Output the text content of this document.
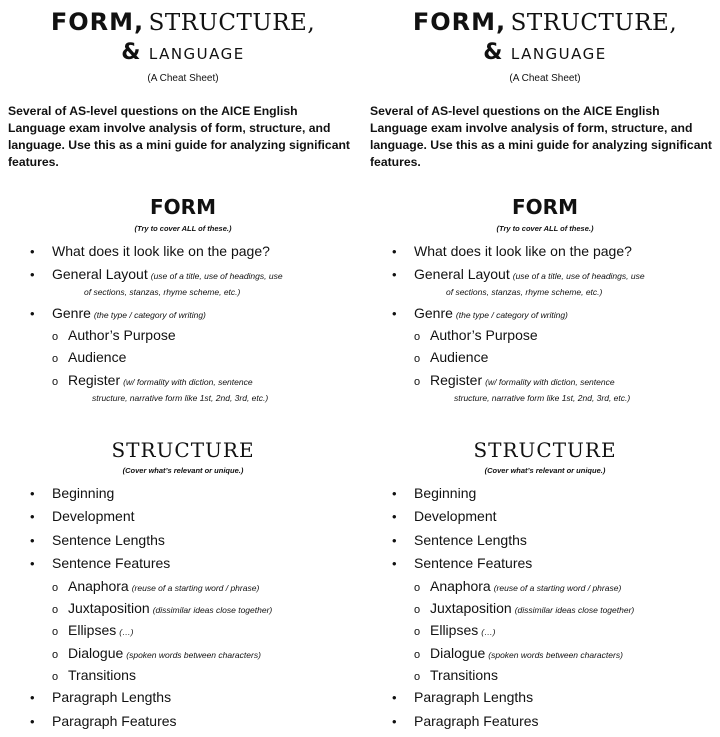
FORM, STRUCTURE,
& LANGUAGE
(A Cheat Sheet)
Several of AS-level questions on the AICE English Language exam involve analysis of form, structure, and language. Use this as a mini guide for analyzing significant features.
FORM
(Try to cover ALL of these.)
• What does it look like on the page?
• General Layout (use of a title, use of headings, use
of sections, stanzas, rhyme scheme, etc.)
• Genre (the type / category of writing)
o Author’s Purpose
o Audience
o Register (w/ formality with diction, sentence
structure, narrative form like 1st, 2nd, 3rd, etc.)
STRUCTURE
(Cover what’s relevant or unique.)
• Beginning
• Development
• Sentence Lengths
• Sentence Features
o Anaphora (reuse of a starting word / phrase)
o Juxtaposition (dissimilar ideas close together)
o Ellipses (…)
o Dialogue (spoken words between characters)
o Transitions
• Paragraph Lengths
• Paragraph Features
FORM, STRUCTURE,
& LANGUAGE
(A Cheat Sheet)
Several of AS-level questions on the AICE English Language exam involve analysis of form, structure, and language. Use this as a mini guide for analyzing significant features.
FORM
(Try to cover ALL of these.)
• What does it look like on the page?
• General Layout (use of a title, use of headings, use
of sections, stanzas, rhyme scheme, etc.)
• Genre (the type / category of writing)
o Author’s Purpose
o Audience
o Register (w/ formality with diction, sentence
structure, narrative form like 1st, 2nd, 3rd, etc.)
STRUCTURE
(Cover what’s relevant or unique.)
• Beginning
• Development
• Sentence Lengths
• Sentence Features
o Anaphora (reuse of a starting word / phrase)
o Juxtaposition (dissimilar ideas close together)
o Ellipses (…)
o Dialogue (spoken words between characters)
o Transitions
• Paragraph Lengths
• Paragraph Features
